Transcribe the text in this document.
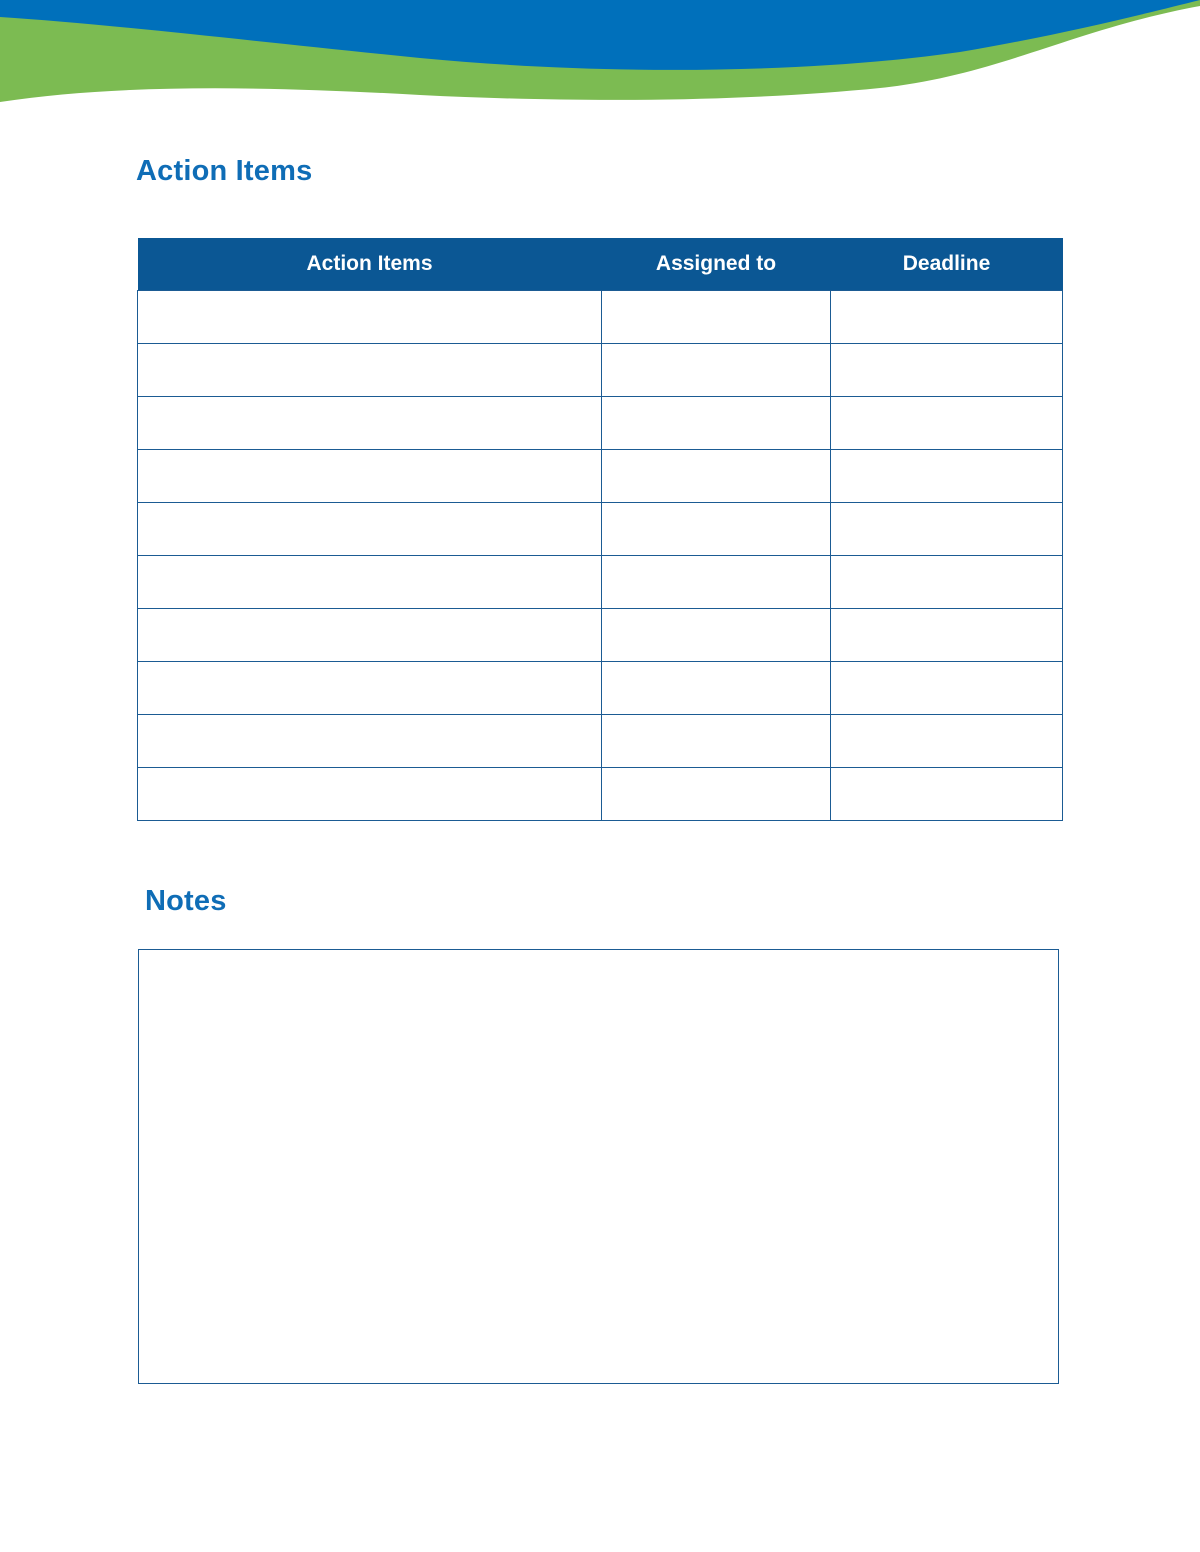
Action Items
Action Items	Assigned to	Deadline

Notes
